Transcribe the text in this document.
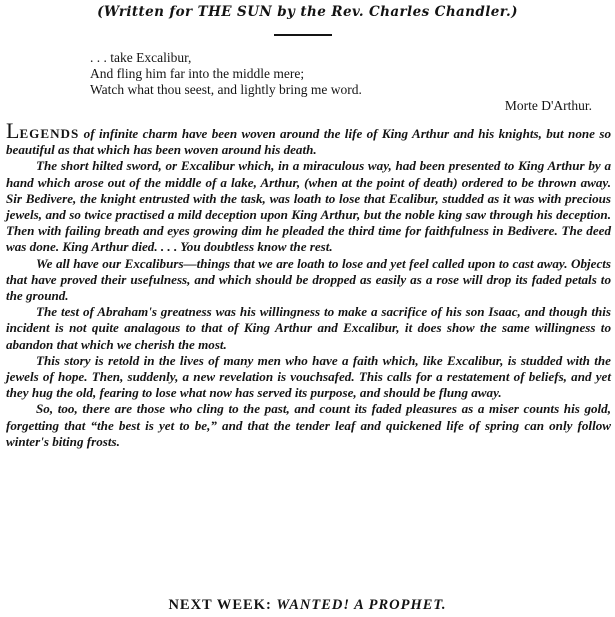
(Written for THE SUN by the Rev. Charles Chandler.)
. . . take Excalibur,
And fling him far into the middle mere;
Watch what thou seest, and lightly bring me word.
Morte D'Arthur.

LEGENDS of infinite charm have been woven around the life of King Arthur and his knights, but none so beautiful as that which has been woven around his death.

The short hilted sword, or Excalibur which, in a miraculous way, had been presented to King Arthur by a hand which arose out of the middle of a lake, Arthur, (when at the point of death) ordered to be thrown away. Sir Bedivere, the knight entrusted with the task, was loath to lose that Ecalibur, studded as it was with precious jewels, and so twice practised a mild deception upon King Arthur, but the noble king saw through his deception. Then with failing breath and eyes growing dim he pleaded the third time for faithfulness in Bedivere. The deed was done. King Arthur died. . . . You doubtless know the rest.

We all have our Excaliburs—things that we are loath to lose and yet feel called upon to cast away. Objects that have proved their usefulness, and which should be dropped as easily as a rose will drop its faded petals to the ground.

The test of Abraham's greatness was his willingness to make a sacrifice of his son Isaac, and though this incident is not quite analagous to that of King Arthur and Excalibur, it does show the same willingness to abandon that which we cherish the most.

This story is retold in the lives of many men who have a faith which, like Excalibur, is studded with the jewels of hope. Then, suddenly, a new revelation is vouchsafed. This calls for a restatement of beliefs, and yet they hug the old, fearing to lose what now has served its purpose, and should be flung away.

So, too, there are those who cling to the past, and count its faded pleasures as a miser counts his gold, forgetting that “the best is yet to be,” and that the tender leaf and quickened life of spring can only follow winter's biting frosts.

NEXT WEEK: WANTED! A PROPHET.
